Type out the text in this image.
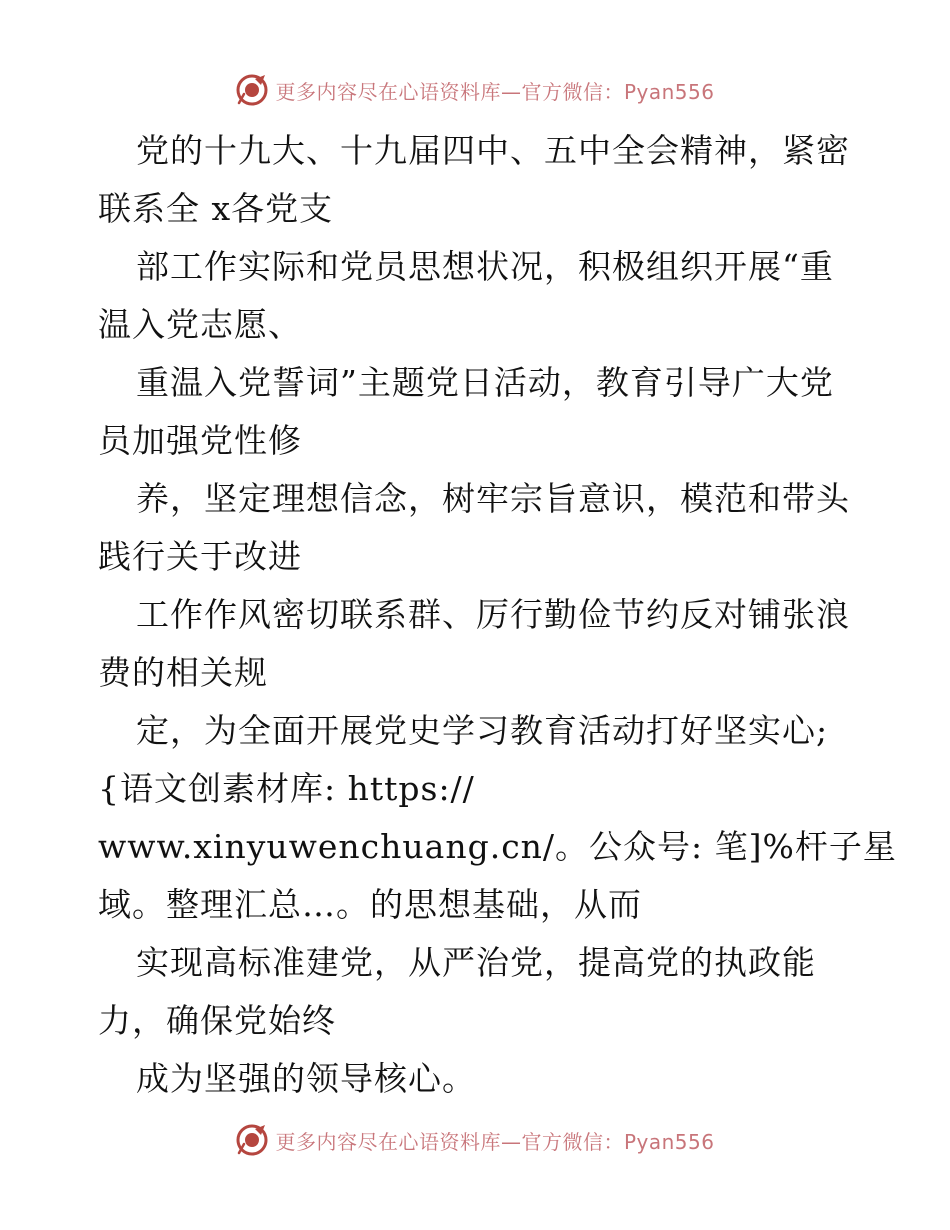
更多内容尽在心语资料库—官方微信：Pyan556
党的十九大、十九届四中、五中全会精神，紧密
联系全 x各党支
部工作实际和党员思想状况，积极组织开展“重
温入党志愿、
重温入党誓词”主题党日活动，教育引导广大党
员加强党性修
养，坚定理想信念，树牢宗旨意识，模范和带头
践行关于改进
工作作风密切联系群、厉行勤俭节约反对铺张浪
费的相关规
定，为全面开展党史学习教育活动打好坚实心;
{语文创素材库: https://
www.xinyuwenchuang.cn/。公众号: 笔]%杆子星
域。整理汇总…。的思想基础，从而
实现高标准建党，从严治党，提高党的执政能
力，确保党始终
成为坚强的领导核心。
更多内容尽在心语资料库—官方微信：Pyan556
